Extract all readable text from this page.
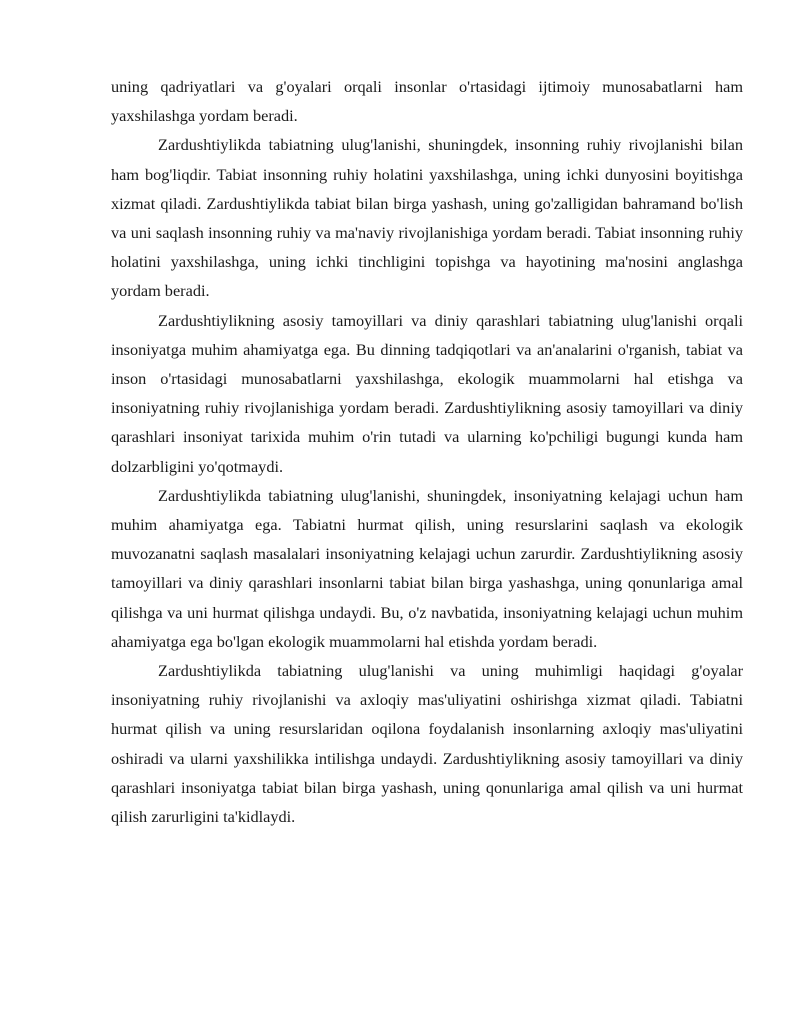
uning qadriyatlari va g'oyalari orqali insonlar o'rtasidagi ijtimoiy munosabatlarni ham yaxshilashga yordam beradi.

Zardushtiylikda tabiatning ulug'lanishi, shuningdek, insonning ruhiy rivojlanishi bilan ham bog'liqdir. Tabiat insonning ruhiy holatini yaxshilashga, uning ichki dunyosini boyitishga xizmat qiladi. Zardushtiylikda tabiat bilan birga yashash, uning go'zalligidan bahramand bo'lish va uni saqlash insonning ruhiy va ma'naviy rivojlanishiga yordam beradi. Tabiat insonning ruhiy holatini yaxshilashga, uning ichki tinchligini topishga va hayotining ma'nosini anglashga yordam beradi.

Zardushtiylikning asosiy tamoyillari va diniy qarashlari tabiatning ulug'lanishi orqali insoniyatga muhim ahamiyatga ega. Bu dinning tadqiqotlari va an'analarini o'rganish, tabiat va inson o'rtasidagi munosabatlarni yaxshilashga, ekologik muammolarni hal etishga va insoniyatning ruhiy rivojlanishiga yordam beradi. Zardushtiylikning asosiy tamoyillari va diniy qarashlari insoniyat tarixida muhim o'rin tutadi va ularning ko'pchiligi bugungi kunda ham dolzarbligini yo'qotmaydi.

Zardushtiylikda tabiatning ulug'lanishi, shuningdek, insoniyatning kelajagi uchun ham muhim ahamiyatga ega. Tabiatni hurmat qilish, uning resurslarini saqlash va ekologik muvozanatni saqlash masalalari insoniyatning kelajagi uchun zarurdir. Zardushtiylikning asosiy tamoyillari va diniy qarashlari insonlarni tabiat bilan birga yashashga, uning qonunlariga amal qilishga va uni hurmat qilishga undaydi. Bu, o'z navbatida, insoniyatning kelajagi uchun muhim ahamiyatga ega bo'lgan ekologik muammolarni hal etishda yordam beradi.

Zardushtiylikda tabiatning ulug'lanishi va uning muhimligi haqidagi g'oyalar insoniyatning ruhiy rivojlanishi va axloqiy mas'uliyatini oshirishga xizmat qiladi. Tabiatni hurmat qilish va uning resurslaridan oqilona foydalanish insonlarning axloqiy mas'uliyatini oshiradi va ularni yaxshilikka intilishga undaydi. Zardushtiylikning asosiy tamoyillari va diniy qarashlari insoniyatga tabiat bilan birga yashash, uning qonunlariga amal qilish va uni hurmat qilish zarurligini ta'kidlaydi.
